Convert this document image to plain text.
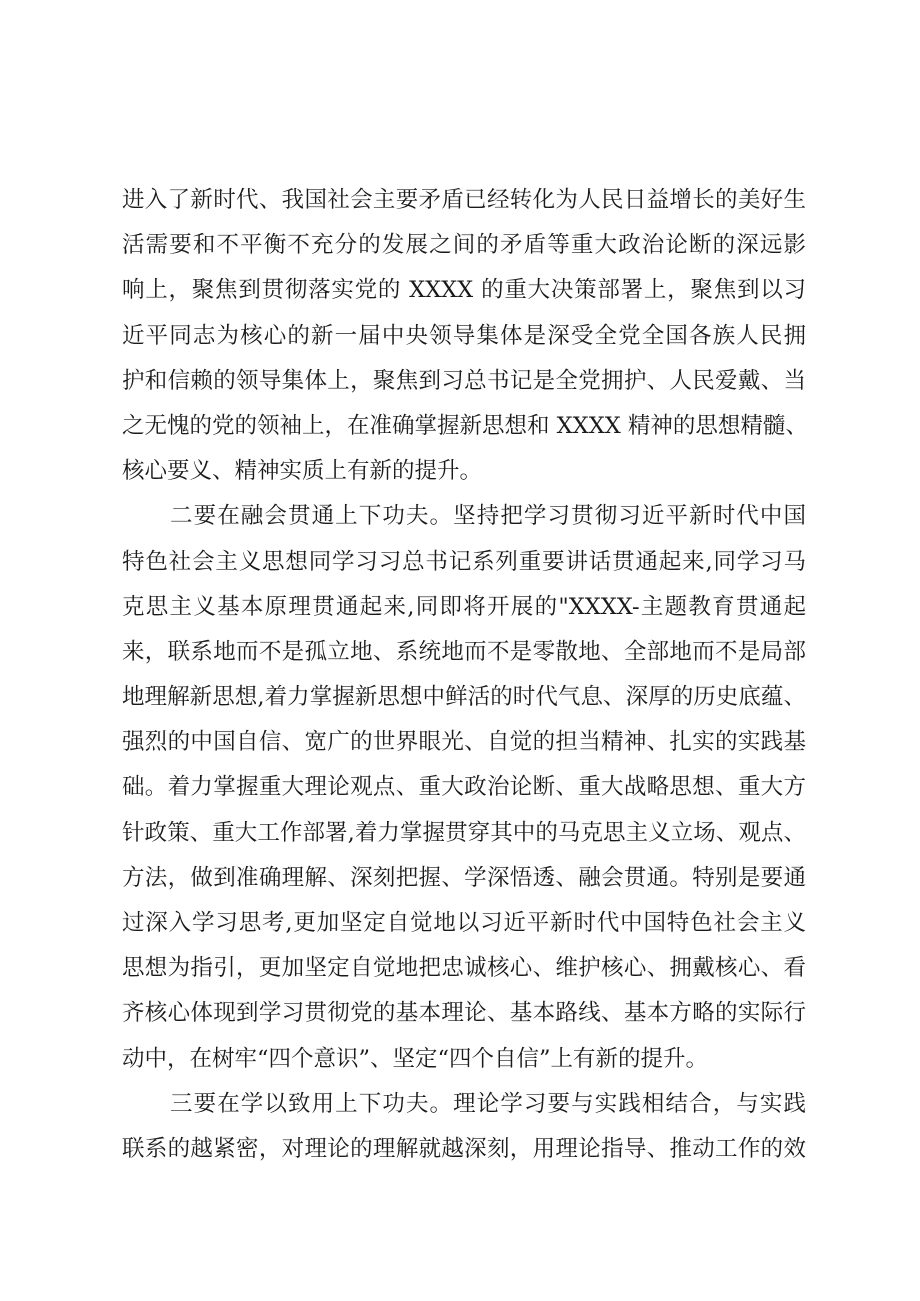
进入了新时代、我国社会主要矛盾已经转化为人民日益增长的美好生
活需要和不平衡不充分的发展之间的矛盾等重大政治论断的深远影
响上，聚焦到贯彻落实党的 XXXX 的重大决策部署上，聚焦到以习
近平同志为核心的新一届中央领导集体是深受全党全国各族人民拥
护和信赖的领导集体上，聚焦到习总书记是全党拥护、人民爱戴、当
之无愧的党的领袖上，在准确掌握新思想和 XXXX 精神的思想精髓、
核心要义、精神实质上有新的提升。
二要在融会贯通上下功夫。坚持把学习贯彻习近平新时代中国
特色社会主义思想同学习习总书记系列重要讲话贯通起来,同学习马
克思主义基本原理贯通起来,同即将开展的"XXXX-主题教育贯通起
来，联系地而不是孤立地、系统地而不是零散地、全部地而不是局部
地理解新思想,着力掌握新思想中鲜活的时代气息、深厚的历史底蕴、
强烈的中国自信、宽广的世界眼光、自觉的担当精神、扎实的实践基
础。着力掌握重大理论观点、重大政治论断、重大战略思想、重大方
针政策、重大工作部署,着力掌握贯穿其中的马克思主义立场、观点、
方法，做到准确理解、深刻把握、学深悟透、融会贯通。特别是要通
过深入学习思考,更加坚定自觉地以习近平新时代中国特色社会主义
思想为指引，更加坚定自觉地把忠诚核心、维护核心、拥戴核心、看
齐核心体现到学习贯彻党的基本理论、基本路线、基本方略的实际行
动中，在树牢“四个意识”、坚定“四个自信”上有新的提升。
三要在学以致用上下功夫。理论学习要与实践相结合，与实践
联系的越紧密，对理论的理解就越深刻，用理论指导、推动工作的效
